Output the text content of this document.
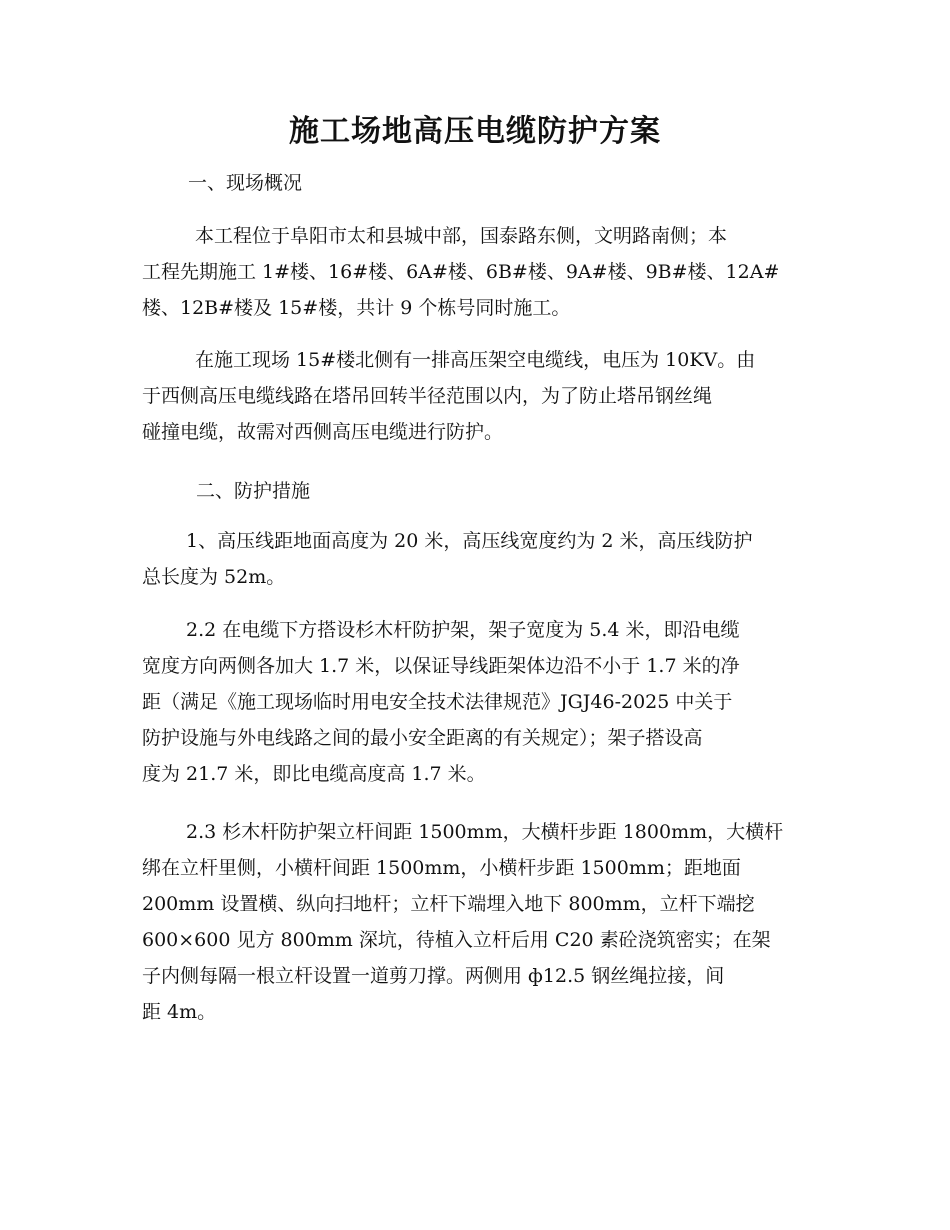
施工场地高压电缆防护方案

一、现场概况

本工程位于阜阳市太和县城中部，国泰路东侧，文明路南侧；本
工程先期施工 1#楼、16#楼、6A#楼、6B#楼、9A#楼、9B#楼、12A#
楼、12B#楼及 15#楼，共计 9 个栋号同时施工。
在施工现场 15#楼北侧有一排高压架空电缆线，电压为 10KV。由
于西侧高压电缆线路在塔吊回转半径范围以内，为了防止塔吊钢丝绳
碰撞电缆，故需对西侧高压电缆进行防护。

二、防护措施

1、高压线距地面高度为 20 米，高压线宽度约为 2 米，高压线防护
总长度为 52m。
2.2 在电缆下方搭设杉木杆防护架，架子宽度为 5.4 米，即沿电缆
宽度方向两侧各加大 1.7 米，以保证导线距架体边沿不小于 1.7 米的净
距（满足《施工现场临时用电安全技术法律规范》JGJ46-2025 中关于
防护设施与外电线路之间的最小安全距离的有关规定）；架子搭设高
度为 21.7 米，即比电缆高度高 1.7 米。
2.3 杉木杆防护架立杆间距 1500mm，大横杆步距 1800mm，大横杆
绑在立杆里侧，小横杆间距 1500mm，小横杆步距 1500mm；距地面
200mm 设置横、纵向扫地杆；立杆下端埋入地下 800mm，立杆下端挖
600×600 见方 800mm 深坑，待植入立杆后用 C20 素砼浇筑密实；在架
子内侧每隔一根立杆设置一道剪刀撑。两侧用 ф12.5 钢丝绳拉接，间
距 4m。
